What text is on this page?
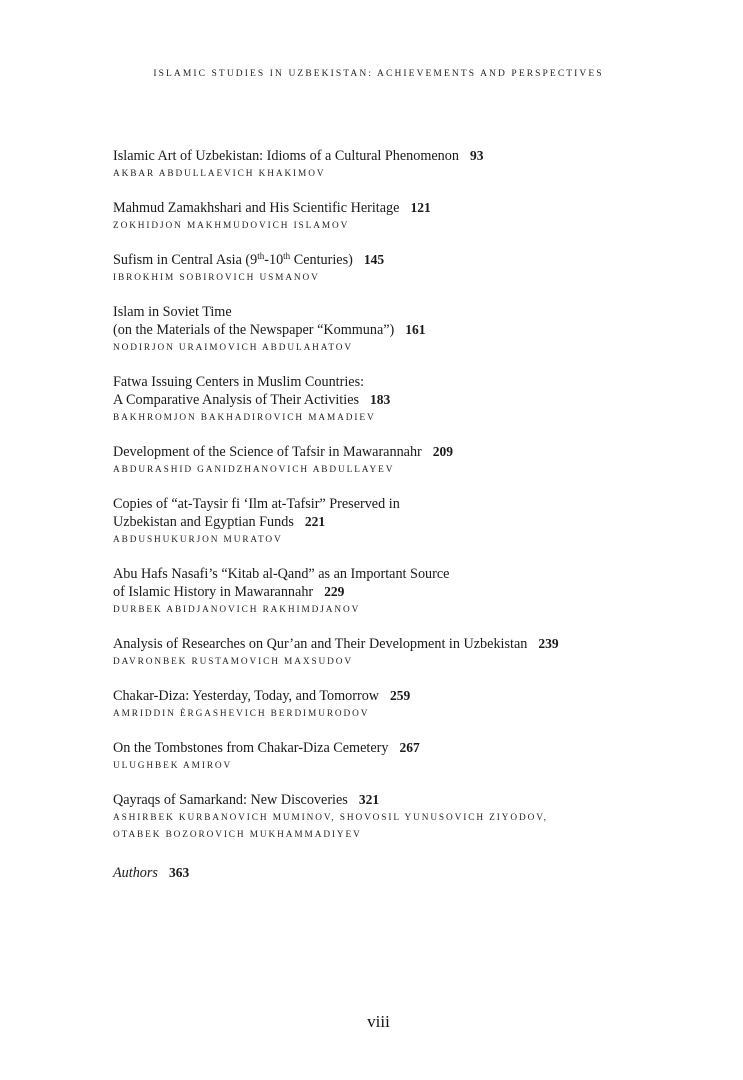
ISLAMIC STUDIES IN UZBEKISTAN: ACHIEVEMENTS AND PERSPECTIVES
Islamic Art of Uzbekistan: Idioms of a Cultural Phenomenon 93
AKBAR ABDULLAEVICH KHAKIMOV
Mahmud Zamakhshari and His Scientific Heritage 121
ZOKHIDJON MAKHMUDOVICH ISLAMOV
Sufism in Central Asia (9th-10th Centuries) 145
IBROKHIM SOBIROVICH USMANOV
Islam in Soviet Time
(on the Materials of the Newspaper “Kommuna”) 161
NODIRJON URAIMOVICH ABDULAHATOV
Fatwa Issuing Centers in Muslim Countries:
A Comparative Analysis of Their Activities 183
BAKHROMJON BAKHADIROVICH MAMADIEV
Development of the Science of Tafsir in Mawarannahr 209
ABDURASHID GANIDZHANOVICH ABDULLAYEV
Copies of “at-Taysir fi ‘Ilm at-Tafsir” Preserved in
Uzbekistan and Egyptian Funds 221
ABDUSHUKURJON MURATOV
Abu Hafs Nasafi’s “Kitab al-Qand” as an Important Source
of Islamic History in Mawarannahr 229
DURBEK ABIDJANOVICH RAKHIMDJANOV
Analysis of Researches on Qur’an and Their Development in Uzbekistan 239
DAVRONBEK RUSTAMOVICH MAXSUDOV
Chakar-Diza: Yesterday, Today, and Tomorrow 259
AMRIDDIN ÈRGASHEVICH BERDIMURODOV
On the Tombstones from Chakar-Diza Cemetery 267
ULUGHBEK AMIROV
Qayraqs of Samarkand: New Discoveries 321
ASHIRBEK KURBANOVICH MUMINOV, SHOVOSIL YUNUSOVICH ZIYODOV,
OTABEK BOZOROVICH MUKHAMMADIYEV
Authors 363
viii
